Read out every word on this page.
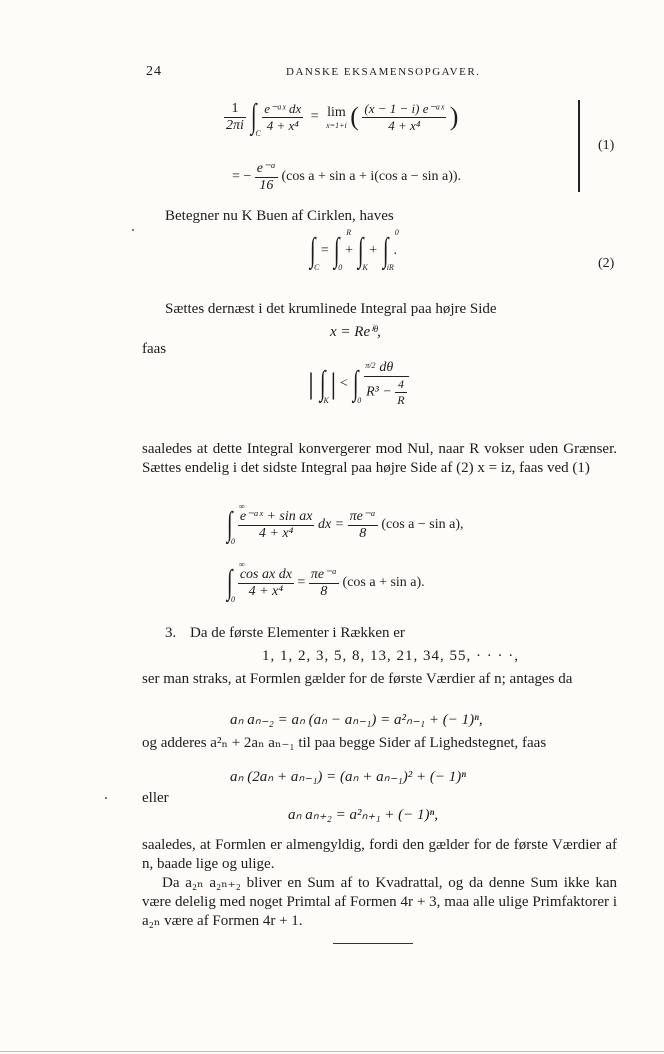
24	DANSKE EKSAMENSOPGAVER.
$\frac{1}{2\pi i}$ ∫
C
$\frac{\text{e⁻ᵃˣ dx}}{\text{4 + x⁴}} = \lim$
x=1+i ( $\frac{\text{(x − 1 − i) e⁻ᵃˣ}}{\text{4 + x⁴}}$ )
= − $\frac{\text{e⁻ᵃ}}{16} (\cos$ a + sin a + i(cos a − sin a)).
(1)
Betegner nu K Buen af Cirklen, haves
∫
C
= ∫ R
0
+ ∫
K
+ ∫ 0
iR
.
(2)
Sættes dernæst i det krumlinede Integral paa højre Side
x = Reⁱᶿ,
faas
| ∫
K
| < ∫ π/2
0
$\frac{d\theta}{R^3 - \frac{4}{R}}$
saaledes at dette Integral konvergerer mod Nul, naar R vokser uden Grænser. Sættes endelig i det sidste Integral paa højre Side af (2) x = iz, faas ved (1)
∫ ∞
0
$\frac{\text{e⁻ᵃˣ + sin ax}}{\text{4 + x⁴}}$ dx = $\frac{\text{πe⁻ᵃ}}{8} (\cos$ a − sin a),
∫ ∞
0
$\frac{\text{cos ax dx}}{\text{4 + x⁴}} = \frac{\text{πe⁻ᵃ}}{8} (\cos$ a + sin a).
3. Da de første Elementer i Rækken er
1, 1, 2, 3, 5, 8, 13, 21, 34, 55, · · · ·,
ser man straks, at Formlen gælder for de første Værdier af n; antages da
aₙ aₙ₋₂ = aₙ (aₙ − aₙ₋₁) = a²ₙ₋₁ + (− 1)ⁿ,
og adderes a²ₙ + 2aₙ aₙ₋₁ til paa begge Sider af Lighedstegnet, faas
aₙ (2aₙ + aₙ₋₁) = (aₙ + aₙ₋₁)² + (− 1)ⁿ
eller
aₙ aₙ₊₂ = a²ₙ₊₁ + (− 1)ⁿ,
saaledes, at Formlen er almengyldig, fordi den gælder for de første Værdier af n, baade lige og ulige.
Da a₂ₙ a₂ₙ₊₂ bliver en Sum af to Kvadrattal, og da denne Sum ikke kan være delelig med noget Primtal af Formen 4r + 3, maa alle ulige Primfaktorer i a₂ₙ være af Formen 4r + 1.
